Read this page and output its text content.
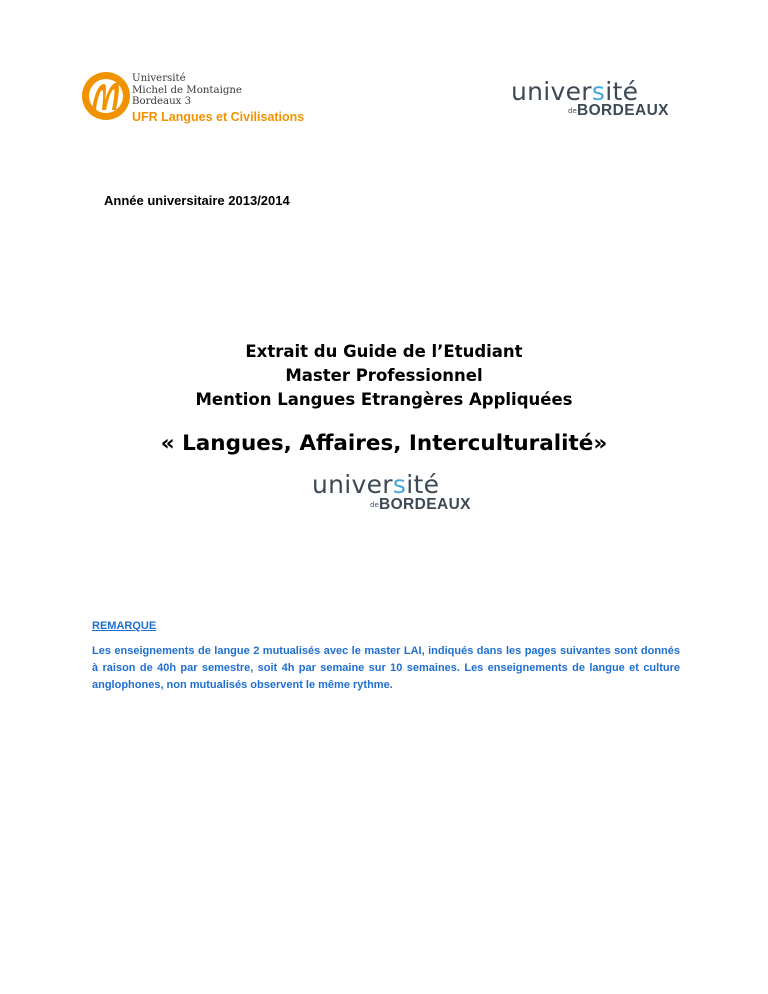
Université
Michel de Montaigne
Bordeaux 3
UFR Langues et Civilisations
université
de BORDEAUX
Année universitaire 2013/2014
Extrait du Guide de l’Etudiant
Master Professionnel
Mention Langues Etrangères Appliquées
« Langues, Affaires, Interculturalité»
université
de BORDEAUX
REMARQUE
Les enseignements de langue 2 mutualisés avec le master LAI, indiqués dans les pages suivantes sont donnés à raison de 40h par semestre, soit 4h par semaine sur 10 semaines. Les enseignements de langue et culture anglophones, non mutualisés observent le même rythme.
